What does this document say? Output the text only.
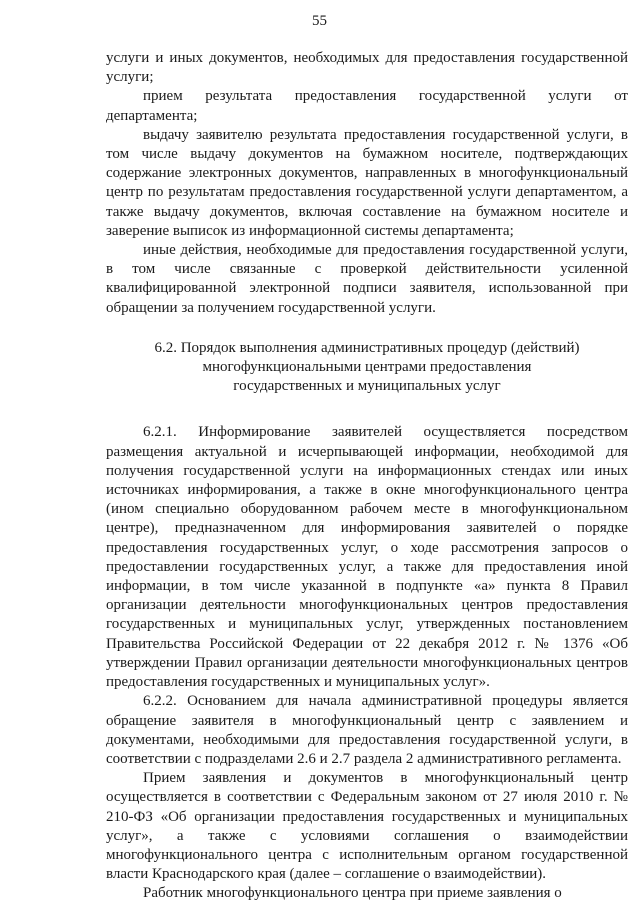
55

услуги и иных документов, необходимых для предоставления государственной услуги;

прием результата предоставления государственной услуги от департамента;

выдачу заявителю результата предоставления государственной услуги, в том числе выдачу документов на бумажном носителе, подтверждающих содержание электронных документов, направленных в многофункциональный центр по результатам предоставления государственной услуги департаментом, а также выдачу документов, включая составление на бумажном носителе и заверение выписок из информационной системы департамента;

иные действия, необходимые для предоставления государственной услуги, в том числе связанные с проверкой действительности усиленной квалифицированной электронной подписи заявителя, использованной при обращении за получением государственной услуги.

6.2. Порядок выполнения административных процедур (действий)
многофункциональными центрами предоставления
государственных и муниципальных услуг

6.2.1. Информирование заявителей осуществляется посредством размещения актуальной и исчерпывающей информации, необходимой для получения государственной услуги на информационных стендах или иных источниках информирования, а также в окне многофункционального центра (ином специально оборудованном рабочем месте в многофункциональном центре), предназначенном для информирования заявителей о порядке предоставления государственных услуг, о ходе рассмотрения запросов о предоставлении государственных услуг, а также для предоставления иной информации, в том числе указанной в подпункте «а» пункта 8 Правил организации деятельности многофункциональных центров предоставления государственных и муниципальных услуг, утвержденных постановлением Правительства Российской Федерации от 22 декабря 2012 г. № 1376 «Об утверждении Правил организации деятельности многофункциональных центров предоставления государственных и муниципальных услуг».

6.2.2. Основанием для начала административной процедуры является обращение заявителя в многофункциональный центр с заявлением и документами, необходимыми для предоставления государственной услуги, в соответствии с подразделами 2.6 и 2.7 раздела 2 административного регламента.

Прием заявления и документов в многофункциональный центр осуществляется в соответствии с Федеральным законом от 27 июля 2010 г. № 210-ФЗ «Об организации предоставления государственных и муниципальных услуг», а также с условиями соглашения о взаимодействии многофункционального центра с исполнительным органом государственной власти Краснодарского края (далее – соглашение о взаимодействии).

Работник многофункционального центра при приеме заявления о
